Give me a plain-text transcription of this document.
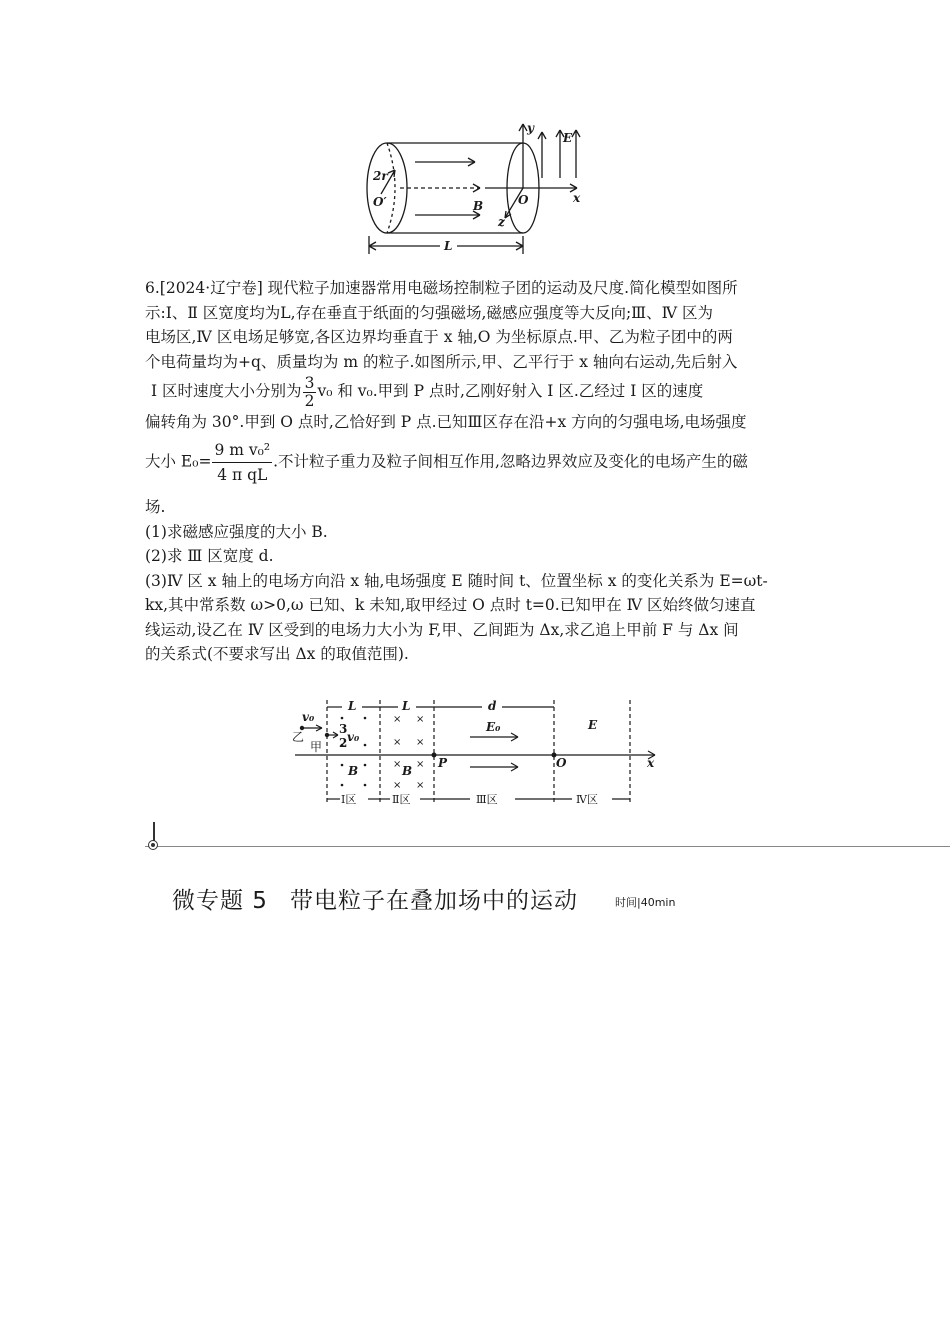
2r
O′	O
B
x
y
z
E
L

6.[2024·辽宁卷] 现代粒子加速器常用电磁场控制粒子团的运动及尺度.简化模型如图所

示:Ⅰ、Ⅱ 区宽度均为L,存在垂直于纸面的匀强磁场,磁感应强度等大反向;Ⅲ、Ⅳ 区为

电场区,Ⅳ 区电场足够宽,各区边界均垂直于 x 轴,O 为坐标原点.甲、乙为粒子团中的两

个电荷量均为+q、质量均为 m 的粒子.如图所示,甲、乙平行于 x 轴向右运动,先后射入

Ⅰ 区时速度大小分别为 $\frac{3}{2} v_0$ 和 v₀.甲到 P 点时,乙刚好射入 Ⅰ 区.乙经过 Ⅰ 区的速度

偏转角为 30°.甲到 O 点时,乙恰好到 P 点.已知Ⅲ区存在沿+x 方向的匀强电场,电场强度

大小 $E_0= \frac{\text{9 m v₀²}}{\text{4 π qL}}$ .不计粒子重力及粒子间相互作用,忽略边界效应及变化的电场产生的磁

场.

(1)求磁感应强度的大小 B.

(2)求 Ⅲ 区宽度 d.

(3)Ⅳ 区 x 轴上的电场方向沿 x 轴,电场强度 E 随时间 t、位置坐标 x 的变化关系为 E=ωt-

kx,其中常系数 ω>0,ω 已知、k 未知,取甲经过 O 点时 t=0.已知甲在 Ⅳ 区始终做匀速直

线运动,设乙在 Ⅳ 区受到的电场力大小为 F,甲、乙间距为 Δx,求乙追上甲前 F 与 Δx 间

的关系式(不要求写出 Δx 的取值范围).

× ×
× ×
× ×
× ×
v₀
3
2 v₀
L	L	d
E₀	E
B	B
P	O	x
乙
甲
Ⅰ区	Ⅱ区	Ⅲ区	Ⅳ区
微专题 5 带电粒子在叠加场中的运动	时间|40min
